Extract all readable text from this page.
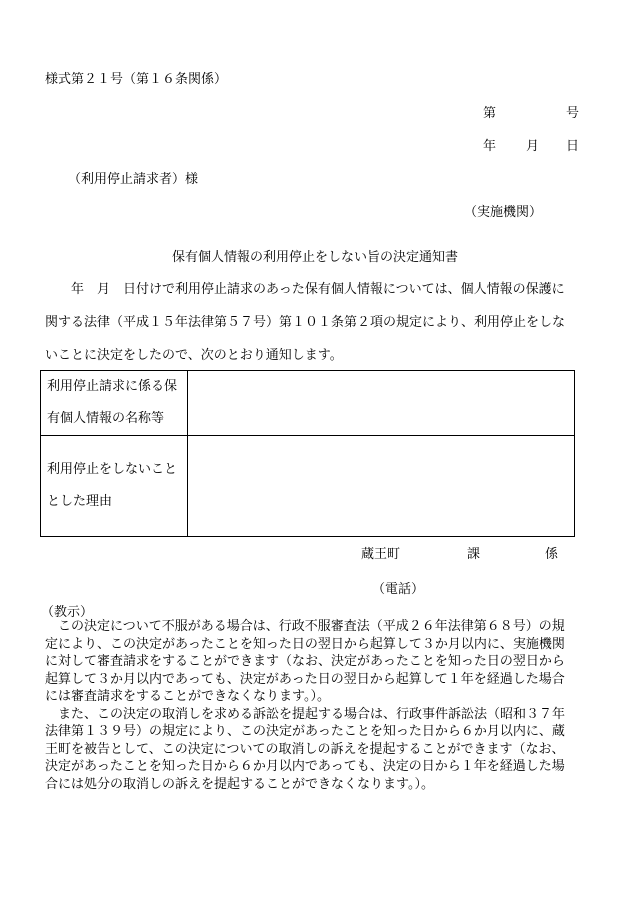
様式第２１号（第１６条関係）
第	号
年 月 日
（利用停止請求者）様
（実施機関）
保有個人情報の利用停止をしない旨の決定通知書
　　年　月　日付けで利用停止請求のあった保有個人情報については、個人情報の保護に
関する法律（平成１５年法律第５７号）第１０１条第２項の規定により、利用停止をしな
いことに決定をしたので、次のとおり通知します。
利用停止請求に係る保
有個人情報の名称等	

利用停止をしないこと
とした理由	

蔵王町	課	係
（電話）
（教示）
　この決定について不服がある場合は、行政不服審査法（平成２６年法律第６８号）の規
定により、この決定があったことを知った日の翌日から起算して３か月以内に、実施機関
に対して審査請求をすることができます（なお、決定があったことを知った日の翌日から
起算して３か月以内であっても、決定があった日の翌日から起算して１年を経過した場合
には審査請求をすることができなくなります。）。
　また、この決定の取消しを求める訴訟を提起する場合は、行政事件訴訟法（昭和３７年
法律第１３９号）の規定により、この決定があったことを知った日から６か月以内に、蔵
王町を被告として、この決定についての取消しの訴えを提起することができます（なお、
決定があったことを知った日から６か月以内であっても、決定の日から１年を経過した場
合には処分の取消しの訴えを提起することができなくなります。）。
